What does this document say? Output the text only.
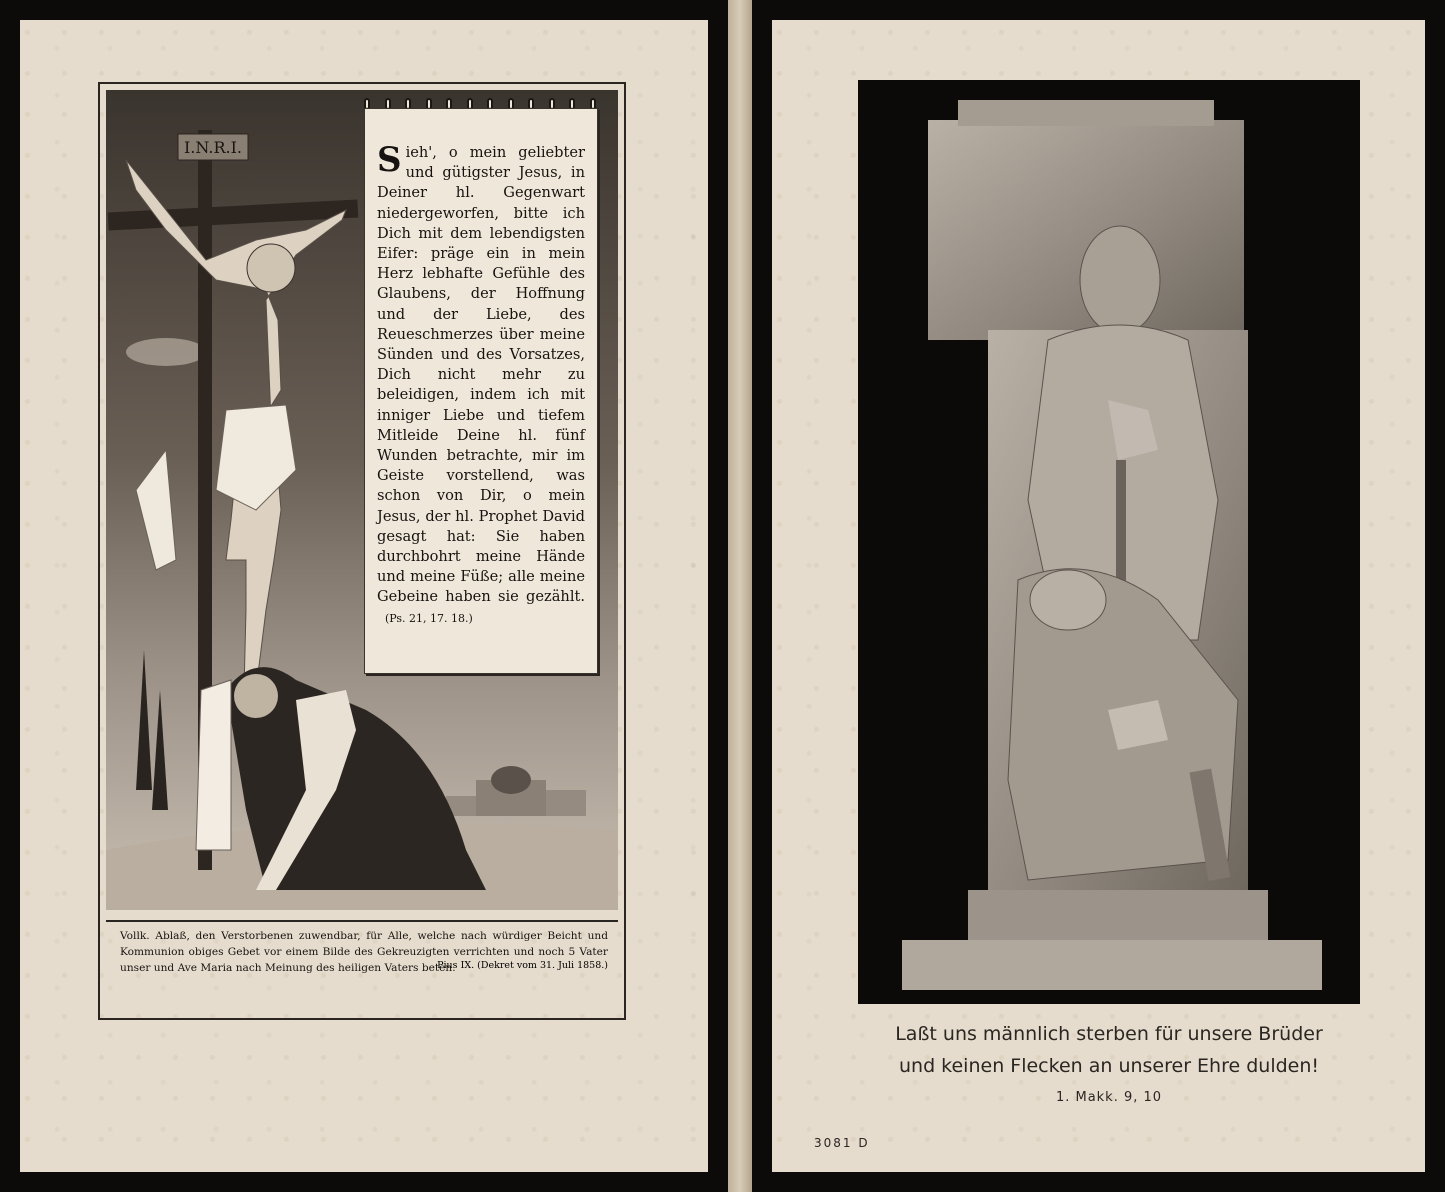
I.N.R.I.	Sieh', o mein geliebter und gütigster Jesus, in Deiner hl. Gegenwart niedergeworfen, bitte ich Dich mit dem lebendigsten Eifer: präge ein in mein Herz lebhafte Gefühle des Glaubens, der Hoffnung und der Liebe, des Reueschmerzes über meine Sünden und des Vorsatzes, Dich nicht mehr zu beleidigen, indem ich mit inniger Liebe und tiefem Mitleide Deine hl. fünf Wunden betrachte, mir im Geiste vorstellend, was schon von Dir, o mein Jesus, der hl. Prophet David gesagt hat: Sie haben durchbohrt meine Hände und meine Füße; alle meine Gebeine haben sie gezählt.(Ps. 21, 17. 18.)

Vollk. Ablaß, den Verstorbenen zuwendbar, für Alle, welche nach würdiger Beicht und Kommunion obiges Gebet vor einem Bilde des Gekreuzigten verrichten und noch 5 Vater unser und Ave Maria nach Meinung des heiligen Vaters beten.

Pius IX. (Dekret vom 31. Juli 1858.)

Laßt uns männlich sterben für unsere Brüder
und keinen Flecken an unserer Ehre dulden!

1. Makk. 9, 10
3081 D
